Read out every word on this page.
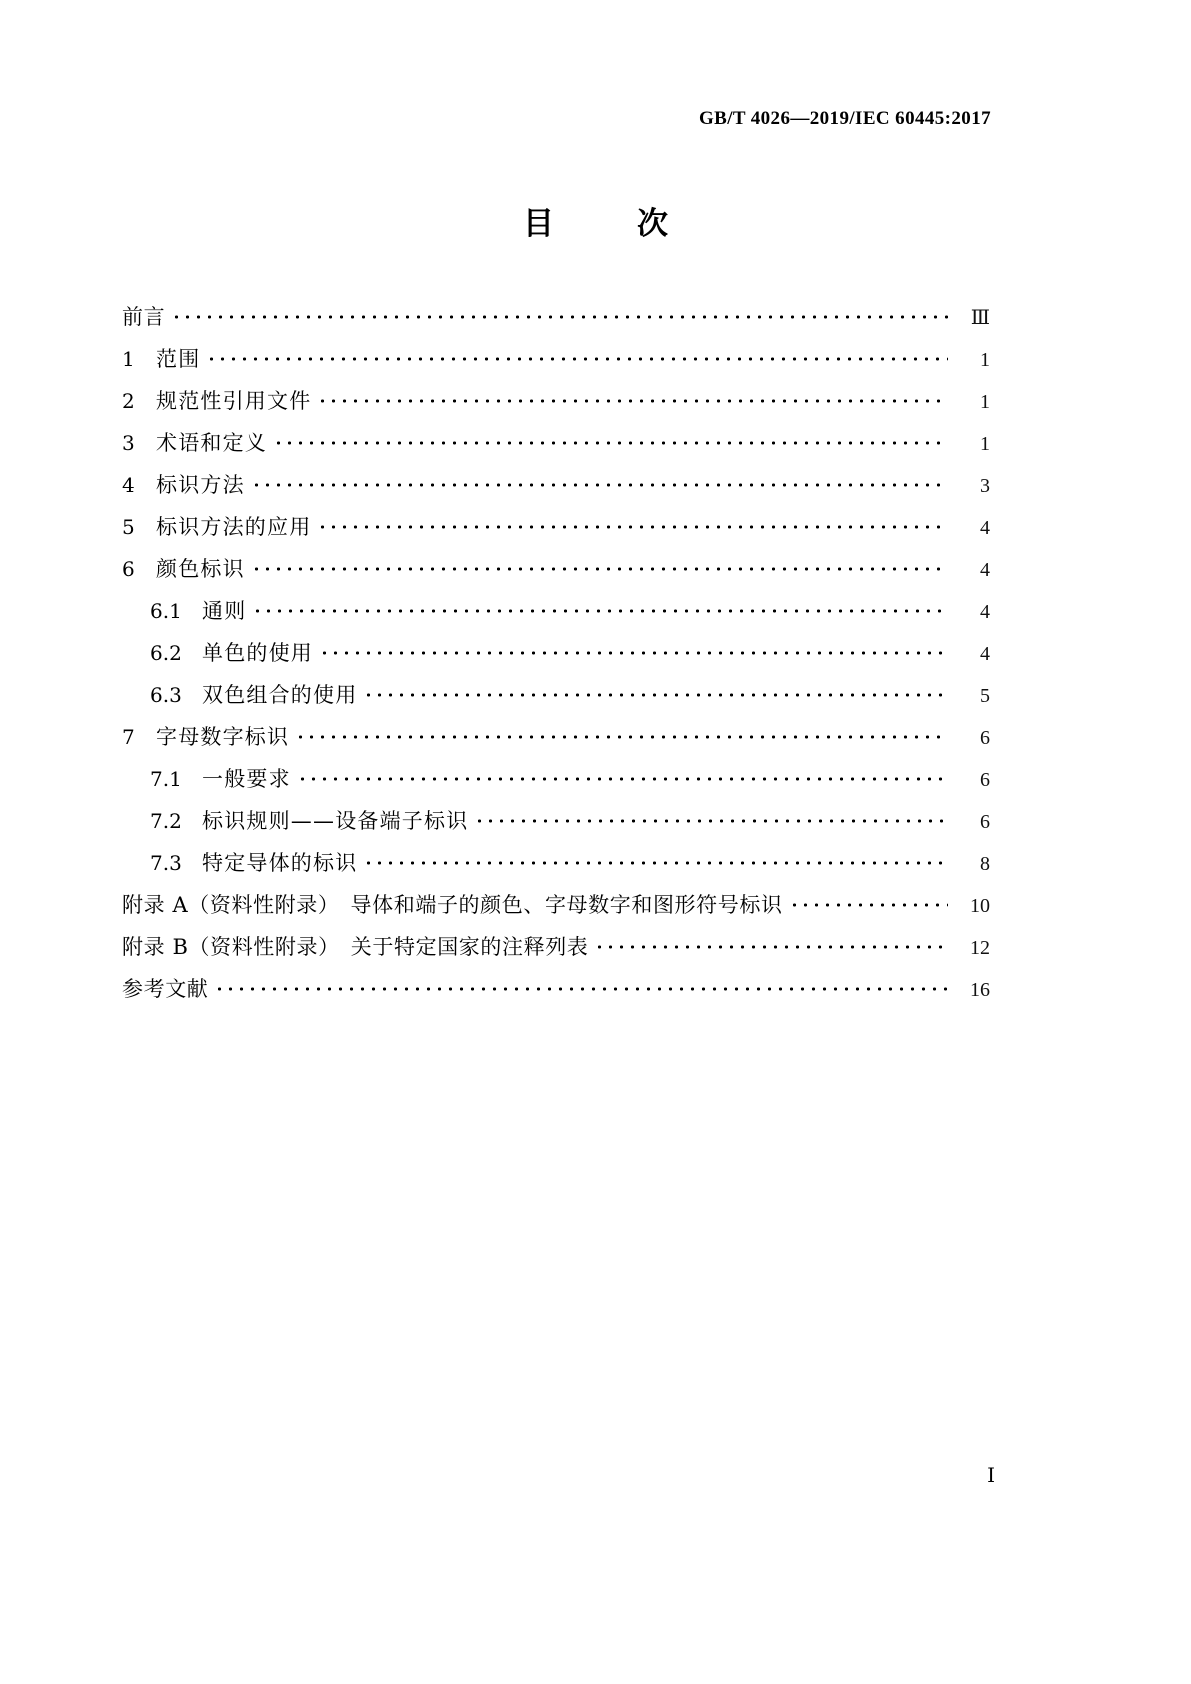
GB/T 4026—2019/IEC 60445:2017
目　次
前言	Ⅲ
1	范围	1
2	规范性引用文件	1
3	术语和定义	1
4	标识方法	3
5	标识方法的应用	4
6	颜色标识	4
6.1 通则	4
6.2 单色的使用	4
6.3 双色组合的使用	5
7	字母数字标识	6
7.1 一般要求	6
7.2 标识规则——设备端子标识	6
7.3 特定导体的标识	8
附录 A（资料性附录）　导体和端子的颜色、字母数字和图形符号标识	10
附录 B（资料性附录）　关于特定国家的注释列表	12
参考文献	16
Ⅰ
